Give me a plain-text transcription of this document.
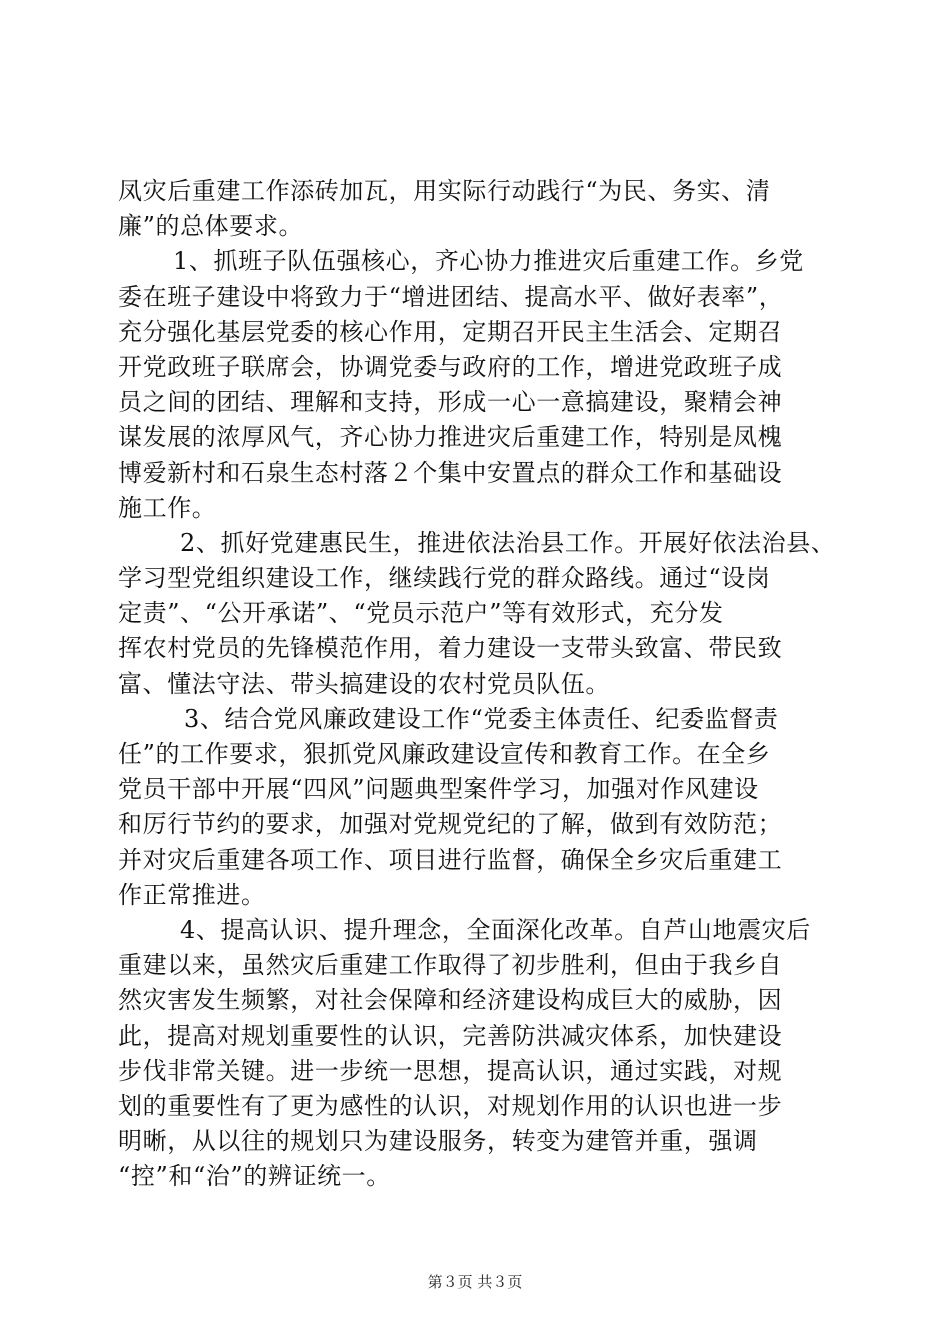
凤灾后重建工作添砖加瓦，用实际行动践行“为民、务实、清
廉”的总体要求。
1、抓班子队伍强核心，齐心协力推进灾后重建工作。乡党
委在班子建设中将致力于“增进团结、提高水平、做好表率”，
充分强化基层党委的核心作用，定期召开民主生活会、定期召
开党政班子联席会，协调党委与政府的工作，增进党政班子成
员之间的团结、理解和支持，形成一心一意搞建设，聚精会神
谋发展的浓厚风气，齐心协力推进灾后重建工作，特别是凤槐
博爱新村和石泉生态村落２个集中安置点的群众工作和基础设
施工作。
2、抓好党建惠民生，推进依法治县工作。开展好依法治县、
学习型党组织建设工作，继续践行党的群众路线。通过“设岗
定责”、“公开承诺”、“党员示范户”等有效形式，充分发
挥农村党员的先锋模范作用，着力建设一支带头致富、带民致
富、懂法守法、带头搞建设的农村党员队伍。
3、结合党风廉政建设工作“党委主体责任、纪委监督责
任”的工作要求，狠抓党风廉政建设宣传和教育工作。在全乡
党员干部中开展“四风”问题典型案件学习，加强对作风建设
和厉行节约的要求，加强对党规党纪的了解，做到有效防范；
并对灾后重建各项工作、项目进行监督，确保全乡灾后重建工
作正常推进。
4、提高认识、提升理念，全面深化改革。自芦山地震灾后
重建以来，虽然灾后重建工作取得了初步胜利，但由于我乡自
然灾害发生频繁，对社会保障和经济建设构成巨大的威胁，因
此，提高对规划重要性的认识，完善防洪减灾体系，加快建设
步伐非常关键。进一步统一思想，提高认识，通过实践，对规
划的重要性有了更为感性的认识，对规划作用的认识也进一步
明晰，从以往的规划只为建设服务，转变为建管并重，强调
“控”和“治”的辨证统一。
第３页 共３页
